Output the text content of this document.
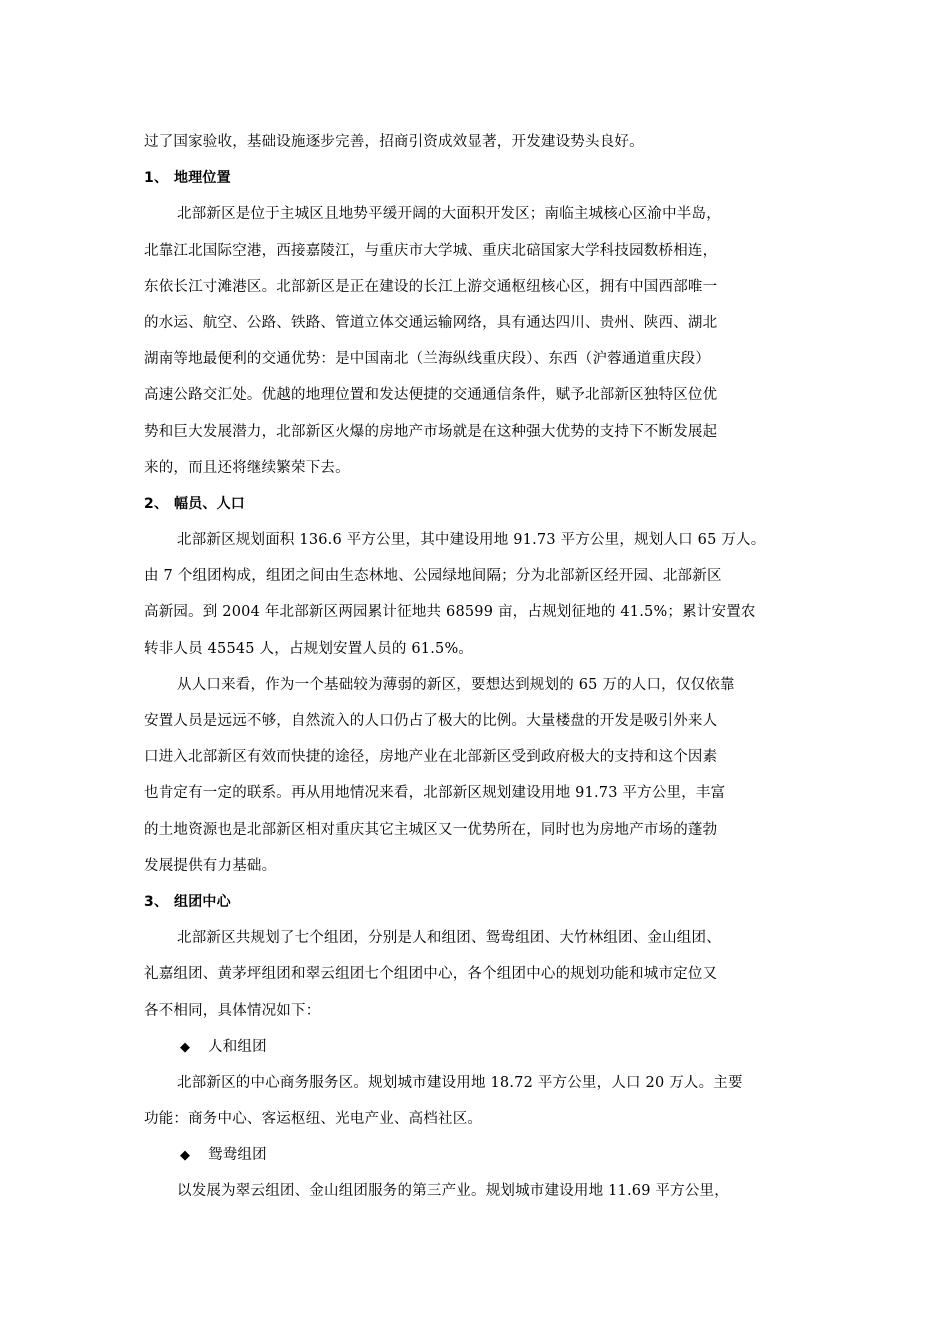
过了国家验收，基础设施逐步完善，招商引资成效显著，开发建设势头良好。
1、 地理位置
北部新区是位于主城区且地势平缓开阔的大面积开发区；南临主城核心区渝中半岛，
北靠江北国际空港，西接嘉陵江，与重庆市大学城、重庆北碚国家大学科技园数桥相连，
东依长江寸滩港区。北部新区是正在建设的长江上游交通枢纽核心区，拥有中国西部唯一
的水运、航空、公路、铁路、管道立体交通运输网络，具有通达四川、贵州、陕西、湖北
湖南等地最便利的交通优势：是中国南北（兰海纵线重庆段）、东西（沪蓉通道重庆段）
高速公路交汇处。优越的地理位置和发达便捷的交通通信条件，赋予北部新区独特区位优
势和巨大发展潜力，北部新区火爆的房地产市场就是在这种强大优势的支持下不断发展起
来的，而且还将继续繁荣下去。
2、 幅员、人口
北部新区规划面积 136.6 平方公里，其中建设用地 91.73 平方公里，规划人口 65 万人。
由 7 个组团构成，组团之间由生态林地、公园绿地间隔；分为北部新区经开园、北部新区
高新园。到 2004 年北部新区两园累计征地共 68599 亩，占规划征地的 41.5%；累计安置农
转非人员 45545 人，占规划安置人员的 61.5%。
从人口来看，作为一个基础较为薄弱的新区，要想达到规划的 65 万的人口，仅仅依靠
安置人员是远远不够，自然流入的人口仍占了极大的比例。大量楼盘的开发是吸引外来人
口进入北部新区有效而快捷的途径，房地产业在北部新区受到政府极大的支持和这个因素
也肯定有一定的联系。再从用地情况来看，北部新区规划建设用地 91.73 平方公里，丰富
的土地资源也是北部新区相对重庆其它主城区又一优势所在，同时也为房地产市场的蓬勃
发展提供有力基础。
3、 组团中心
北部新区共规划了七个组团，分别是人和组团、鸳鸯组团、大竹林组团、金山组团、
礼嘉组团、黄茅坪组团和翠云组团七个组团中心，各个组团中心的规划功能和城市定位又
各不相同，具体情况如下：
◆ 人和组团
北部新区的中心商务服务区。规划城市建设用地 18.72 平方公里，人口 20 万人。主要
功能：商务中心、客运枢纽、光电产业、高档社区。
◆ 鸳鸯组团
以发展为翠云组团、金山组团服务的第三产业。规划城市建设用地 11.69 平方公里，
